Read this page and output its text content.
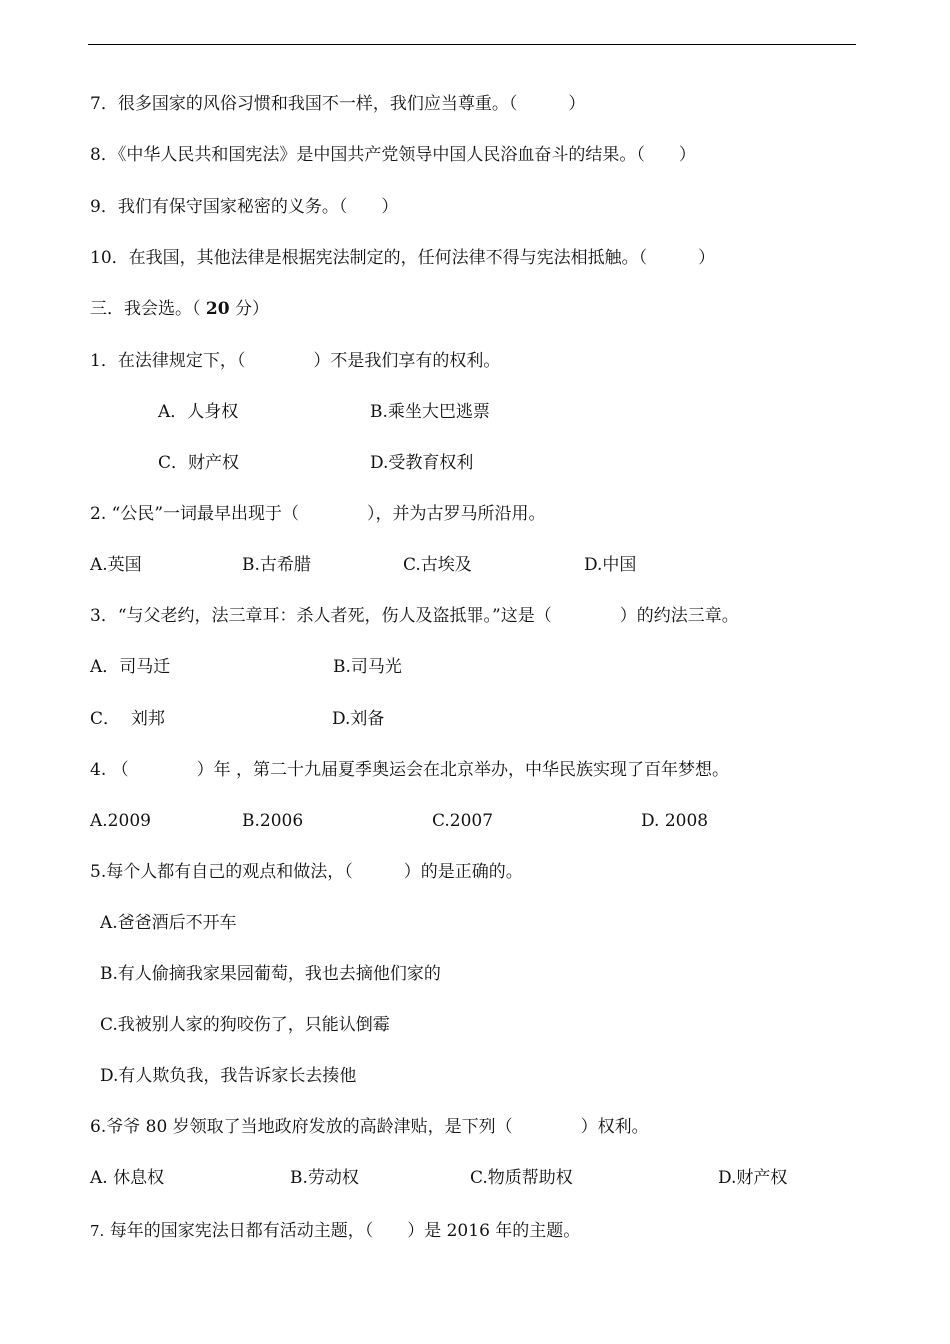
7．很多国家的风俗习惯和我国不一样，我们应当尊重。（　　　）
8．《中华人民共和国宪法》是中国共产党领导中国人民浴血奋斗的结果。（　　）
9．我们有保守国家秘密的义务。（　　）
10．在我国，其他法律是根据宪法制定的，任何法律不得与宪法相抵触。（　　　）
三．我会选。（ 20 分）
1．在法律规定下，（　　　　）不是我们享有的权利。
A．人身权	B.乘坐大巴逃票
C．财产权	D.受教育权利
2. “公民”一词最早出现于（　　　　），并为古罗马所沿用。
A.英国	B.古希腊	C.古埃及	D.中国
3．“与父老约，法三章耳：杀人者死，伤人及盗抵罪。”这是（　　　　）的约法三章。
A．司马迁	B.司马光
C．  刘邦	D.刘备
4. （　　　　）年 ，第二十九届夏季奥运会在北京举办，中华民族实现了百年梦想。
A.2009	B.2006	C.2007	D. 2008
5.每个人都有自己的观点和做法，（　　　）的是正确的。
A.爸爸酒后不开车
B.有人偷摘我家果园葡萄，我也去摘他们家的
C.我被别人家的狗咬伤了，只能认倒霉
D.有人欺负我，我告诉家长去揍他
6.爷爷 80 岁领取了当地政府发放的高龄津贴，是下列（　　　　）权利。
A. 休息权	B.劳动权	C.物质帮助权	D.财产权
7. 每年的国家宪法日都有活动主题，（　　）是 2016 年的主题。
